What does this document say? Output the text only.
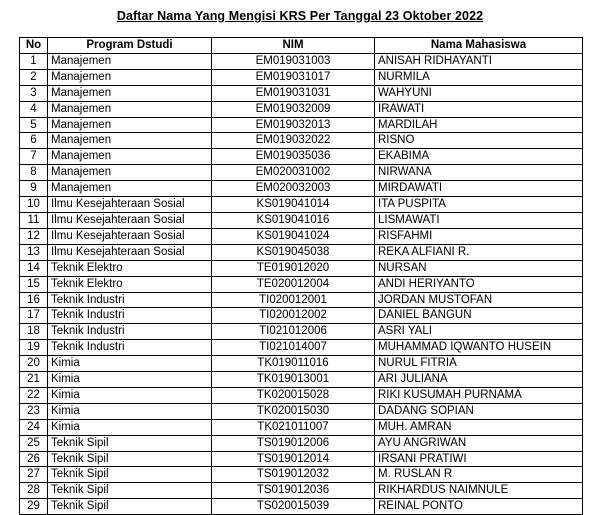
Daftar Nama Yang Mengisi KRS Per Tanggal 23 Oktober 2022
No	Program Dstudi	NIM	Nama Mahasiswa
1	Manajemen	EM019031003	ANISAH RIDHAYANTI
2	Manajemen	EM019031017	NURMILA
3	Manajemen	EM019031031	WAHYUNI
4	Manajemen	EM019032009	IRAWATI
5	Manajemen	EM019032013	MARDILAH
6	Manajemen	EM019032022	RISNO
7	Manajemen	EM019035036	EKABIMA
8	Manajemen	EM020031002	NIRWANA
9	Manajemen	EM020032003	MIRDAWATI
10	Ilmu Kesejahteraan Sosial	KS019041014	ITA PUSPITA
11	Ilmu Kesejahteraan Sosial	KS019041016	LISMAWATI
12	Ilmu Kesejahteraan Sosial	KS019041024	RISFAHMI
13	Ilmu Kesejahteraan Sosial	KS019045038	REKA ALFIANI R.
14	Teknik Elektro	TE019012020	NURSAN
15	Teknik Elektro	TE020012004	ANDI HERIYANTO
16	Teknik Industri	TI020012001	JORDAN MUSTOFAN
17	Teknik Industri	TI020012002	DANIEL BANGUN
18	Teknik Industri	TI021012006	ASRI YALI
19	Teknik Industri	TI021014007	MUHAMMAD IQWANTO HUSEIN
20	Kimia	TK019011016	NURUL FITRIA
21	Kimia	TK019013001	ARI JULIANA
22	Kimia	TK020015028	RIKI KUSUMAH PURNAMA
23	Kimia	TK020015030	DADANG SOPIAN
24	Kimia	TK021011007	MUH. AMRAN
25	Teknik Sipil	TS019012006	AYU ANGRIWAN
26	Teknik Sipil	TS019012014	IRSANI PRATIWI
27	Teknik Sipil	TS019012032	M. RUSLAN R
28	Teknik Sipil	TS019012036	RIKHARDUS NAIMNULE
29	Teknik Sipil	TS020015039	REINAL PONTO
